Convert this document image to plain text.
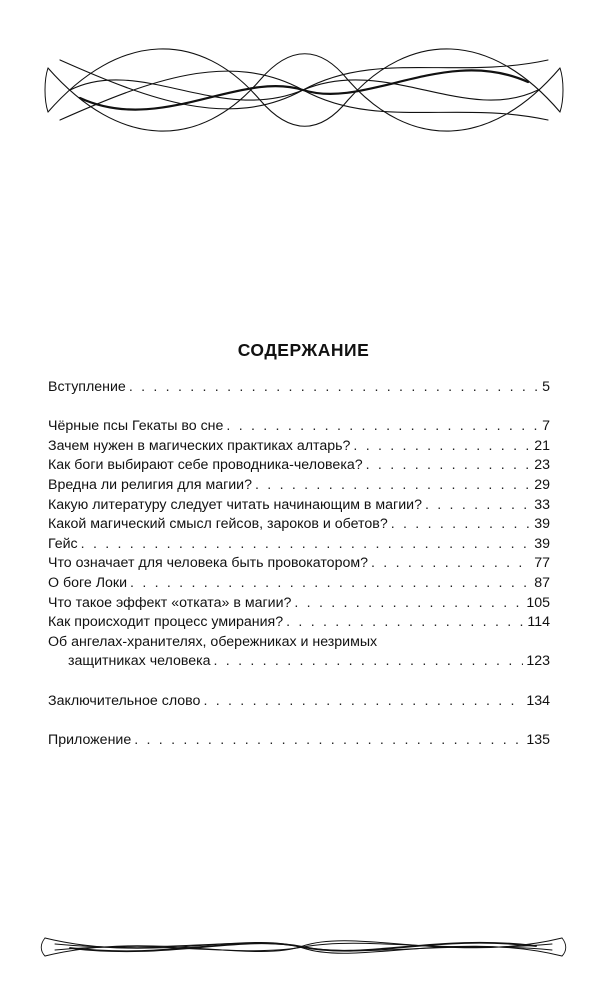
СОДЕРЖАНИЕ
Вступление . . .	5
Чёрные псы Гекаты во сне . . .	7
Зачем нужен в магических практиках алтарь? . . .	21
Как боги выбирают себе проводника-человека? . . .	23
Вредна ли религия для магии? . . .	29
Какую литературу следует читать начинающим в магии? . . .	33
Какой магический смысл гейсов, зароков и обетов? . . .	39
Гейс . . .	39
Что означает для человека быть провокатором? . . .	77
О боге Локи . . .	87
Что такое эффект «отката» в магии? . . .	105
Как происходит процесс умирания? . . .	114
Об ангелах-хранителях, обережниках и незримых
защитниках человека . . .	123
Заключительное слово . . .	134
Приложение . . .	135
